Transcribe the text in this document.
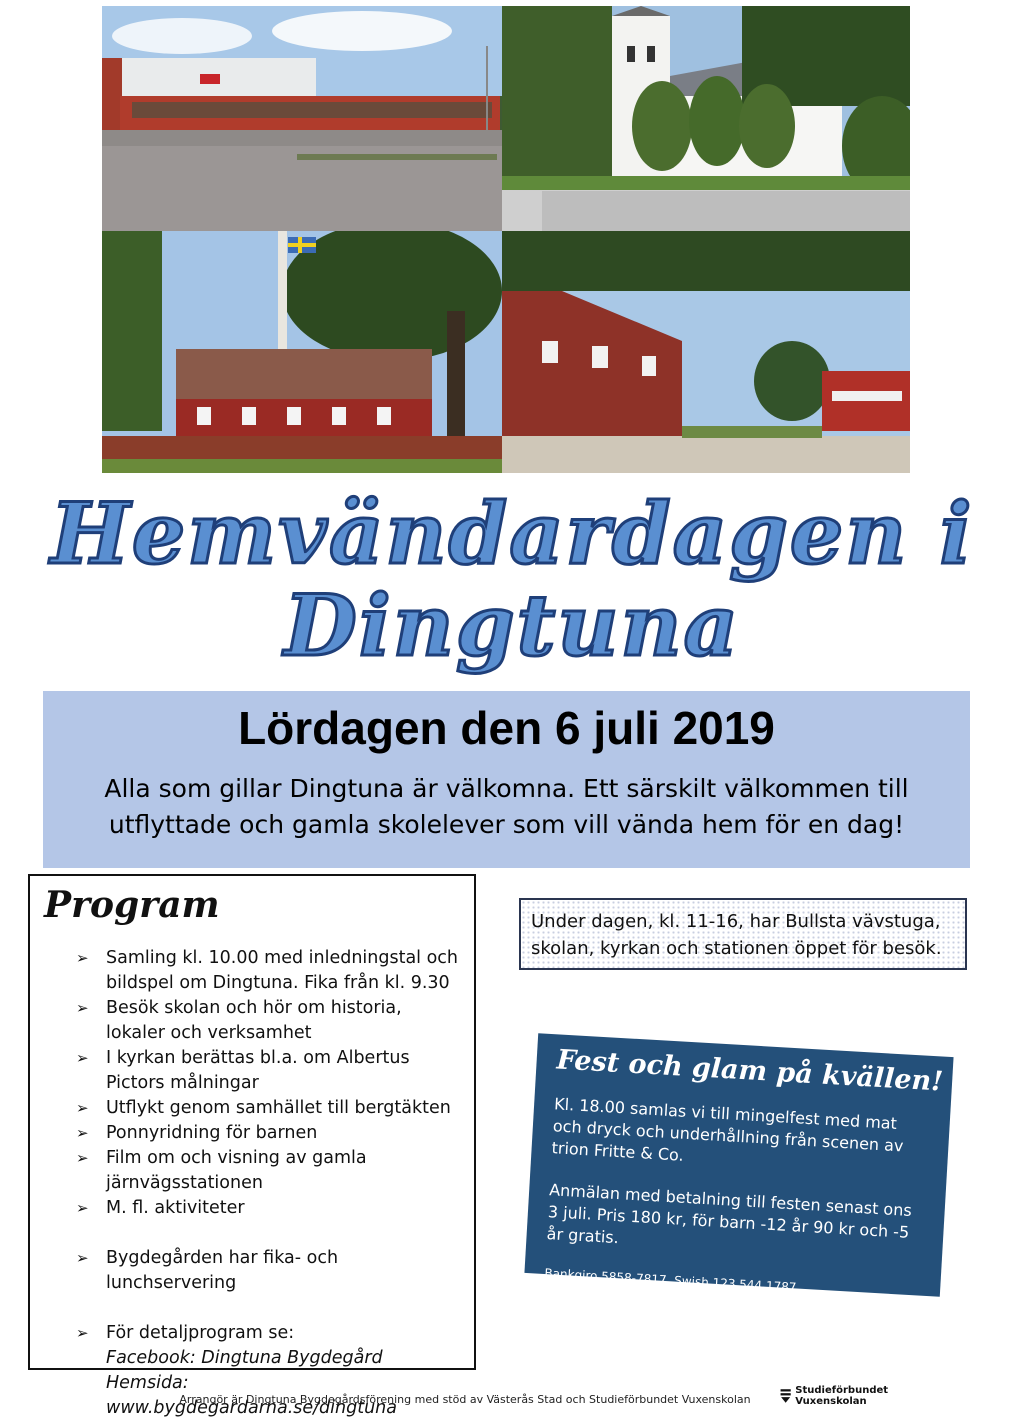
Hemvändardagen i Dingtuna
Lördagen den 6 juli 2019
Alla som gillar Dingtuna är välkomna. Ett särskilt välkommen till utflyttade och gamla skolelever som vill vända hem för en dag!
Program
➢ Samling kl. 10.00 med inledningstal och bildspel om Dingtuna. Fika från kl. 9.30
➢ Besök skolan och hör om historia, lokaler och verksamhet
➢ I kyrkan berättas bl.a. om Albertus Pictors målningar
➢ Utflykt genom samhället till bergtäkten
➢ Ponnyridning för barnen
➢ Film om och visning av gamla järnvägsstationen
➢ M. fl. aktiviteter
➢ Bygdegården har fika- och lunchservering
➢ För detaljprogram se:
Facebook: Dingtuna Bygdegård
Hemsida: www.bygdegardarna.se/dingtuna
Under dagen, kl. 11-16, har Bullsta vävstuga, skolan, kyrkan och stationen öppet för besök.
Fest och glam på kvällen!

Kl. 18.00 samlas vi till mingelfest med mat och dryck och underhållning från scenen av trion Fritte & Co.

Anmälan med betalning till festen senast ons 3 juli. Pris 180 kr, för barn -12 år 90 kr och -5 år gratis.

Bankgiro 5858-7817, Swish 123 544 1787.

Arrangör är Dingtuna Bygdegårdsförening med stöd av Västerås Stad och Studieförbundet Vuxenskolan
Studieförbundet Vuxenskolan
